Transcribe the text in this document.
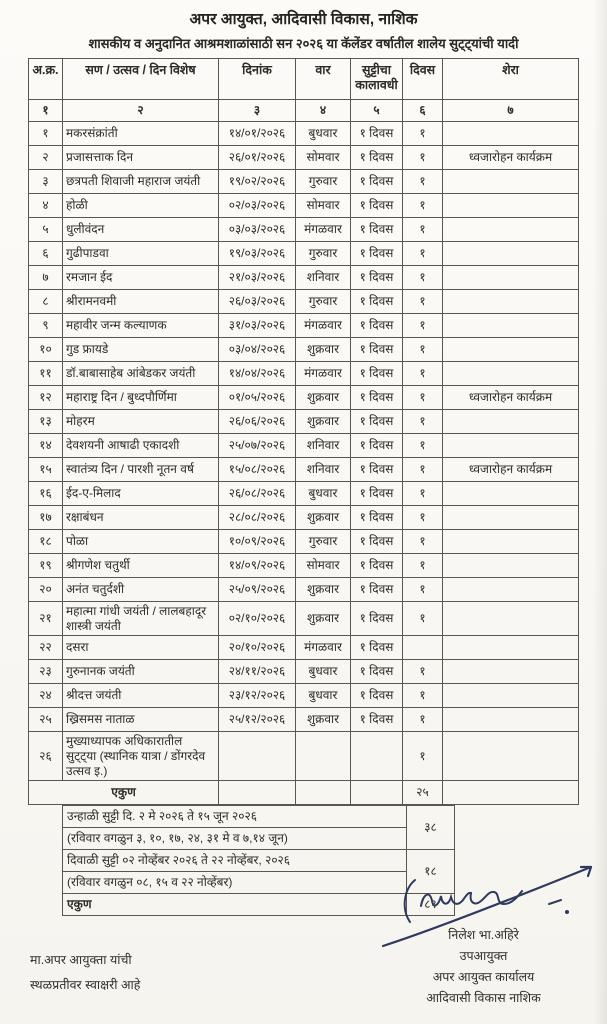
अपर आयुक्त, आदिवासी विकास, नाशिक
शासकीय व अनुदानित आश्रमशाळांसाठी सन २०२६ या कॅलेंडर वर्षातील शालेय सुट्ट्यांची यादी
अ.क्र.	सण / उत्सव / दिन विशेष	दिनांक	वार	सुट्टीचा कालावधी	दिवस	शेरा
१	२	३	४	५	६	७
१	मकरसंक्रांती	१४/०१/२०२६	बुधवार	१ दिवस	१	
२	प्रजासत्ताक दिन	२६/०१/२०२६	सोमवार	१ दिवस	१	ध्वजारोहन कार्यक्रम
३	छत्रपती शिवाजी महाराज जयंती	१९/०२/२०२६	गुरुवार	१ दिवस	१	
४	होळी	०२/०३/२०२६	सोमवार	१ दिवस	१	
५	धुलीवंदन	०३/०३/२०२६	मंगळवार	१ दिवस	१	
६	गुढीपाडवा	१९/०३/२०२६	गुरुवार	१ दिवस	१	
७	रमजान ईद	२१/०३/२०२६	शनिवार	१ दिवस	१	
८	श्रीरामनवमी	२६/०३/२०२६	गुरुवार	१ दिवस	१	
९	महावीर जन्म कल्याणक	३१/०३/२०२६	मंगळवार	१ दिवस	१	
१०	गुड फ्रायडे	०३/०४/२०२६	शुक्रवार	१ दिवस	१	
११	डॉ.बाबासाहेब आंबेडकर जयंती	१४/०४/२०२६	मंगळवार	१ दिवस	१	
१२	महाराष्ट्र दिन / बुध्दपौर्णिमा	०१/०५/२०२६	शुक्रवार	१ दिवस	१	ध्वजारोहन कार्यक्रम
१३	मोहरम	२६/०६/२०२६	शुक्रवार	१ दिवस	१	
१४	देवशयनी आषाढी एकादशी	२५/०७/२०२६	शनिवार	१ दिवस	१	
१५	स्वातंत्र्य दिन / पारशी नूतन वर्ष	१५/०८/२०२६	शनिवार	१ दिवस	१	ध्वजारोहन कार्यक्रम
१६	ईद-ए-मिलाद	२६/०८/२०२६	बुधवार	१ दिवस	१	
१७	रक्षाबंधन	२८/०८/२०२६	शुक्रवार	१ दिवस	१	
१८	पोळा	१०/०९/२०२६	गुरुवार	१ दिवस	१	
१९	श्रीगणेश चतुर्थी	१४/०९/२०२६	सोमवार	१ दिवस	१	
२०	अनंत चतुर्दशी	२५/०९/२०२६	शुक्रवार	१ दिवस	१	
२१	महात्मा गांधी जयंती / लालबहादूर शास्त्री जयंती	०२/१०/२०२६	शुक्रवार	१ दिवस	१	
२२	दसरा	२०/१०/२०२६	मंगळवार	१ दिवस		
२३	गुरुनानक जयंती	२४/११/२०२६	बुधवार	१ दिवस	१	
२४	श्रीदत्त जयंती	२३/१२/२०२६	बुधवार	१ दिवस	१	
२५	ख्रिसमस नाताळ	२५/१२/२०२६	शुक्रवार	१ दिवस	१	
२६	मुख्याध्यापक अधिकारातील सुट्ट्या (स्थानिक यात्रा / डोंगरदेव उत्सव इ.)				१	
एकुण					२५	
उन्हाळी सुट्टी दि. २ मे २०२६ ते १५ जून २०२६	३८
(रविवार वगळुन ३, १०, १७, २४, ३१ मे व ७,१४ जून)	
दिवाळी सुट्टी ०२ नोव्हेंबर २०२६ ते २२ नोव्हेंबर, २०२६	१८
(रविवार वगळुन ०८, १५ व २२ नोव्हेंबर)	
एकुण	८१
मा.अपर आयुक्ता यांची
स्थळप्रतीवर स्वाक्षरी आहे
निलेश भा.अहिरे
उपआयुक्त
अपर आयुक्त कार्यालय
आदिवासी विकास नाशिक
